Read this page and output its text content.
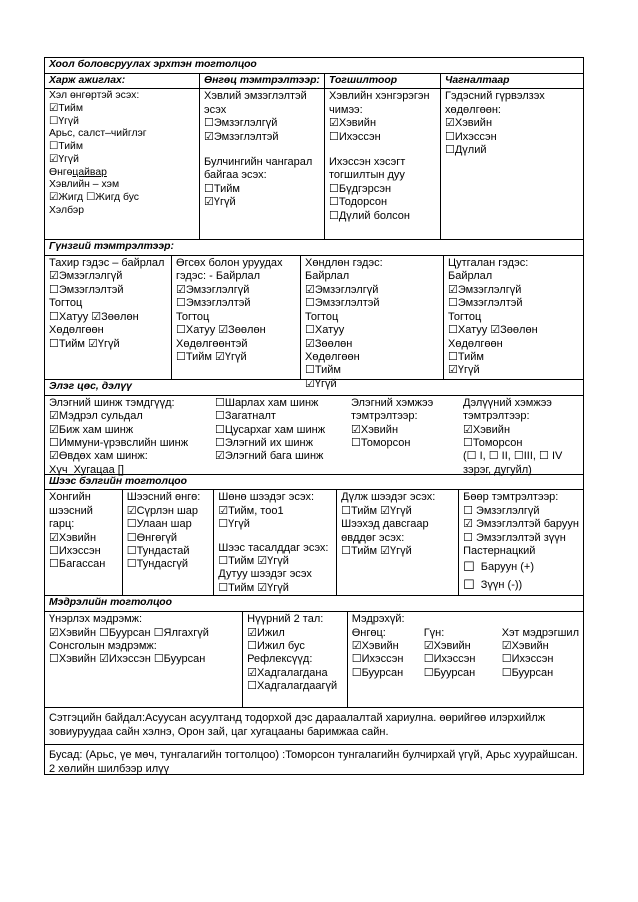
Хоол боловсруулах эрхтэн тогтолцоо
Харж ажиглах:	Өнгөц тэмтрэлтээр: Тогшилтоор	Чагналтаар
Хэл өнгөртэй эсэх:
☑Тийм
☐Үгүй
Арьс, салст–чийглэг
☐Тийм
☑Үгүй
Өнгөцайвар
Хэвлийн – хэм
☑Жигд ☐Жигд бус
Хэлбэр
Хэвлий эмзэглэлтэй
эсэх
☐Эмзэглэлгүй
☑Эмзэглэлтэй
Булчингийн чангарал
байгаа эсэх:
☐Тийм
☑Үгүй
Хэвлийн хэнгэрэгэн
чимээ:
☑Хэвийн
☐Ихэссэн
Ихэссэн хэсэгт
тогшилтын дуу
☐Бүдгэрсэн
☐Тодорсон
☐Дүлий болсон
Гэдэсний гүрвэлзэх
хөдөлгөөн:
☑Хэвийн
☐Ихэссэн
☐Дүлий
Гүнзгий тэмтрэлтээр:
Тахир гэдэс – байрлал
☑Эмзэглэлгүй
☐Эмзэглэлтэй
Тогтоц
☐Хатуу ☑Зөөлөн
Хөдөлгөөн
☐Тийм ☑Үгүй
Өгсөх болон уруудах
гэдэс: - Байрлал
☑Эмзэглэлгүй
☐Эмзэглэлтэй
Тогтоц
☐Хатуу ☑Зөөлөн
Хөдөлгөөнтэй
☐Тийм ☑Үгүй
Хөндлөн гэдэс:
Байрлал
☑Эмзэглэлгүй
☐Эмзэглэлтэй
Тогтоц
☐Хатуу
☑Зөөлөн
Хөдөлгөөн
☐Тийм
☑Үгүй
Цутгалан гэдэс:
Байрлал
☑Эмзэглэлгүй
☐Эмзэглэлтэй
Тогтоц
☐Хатуу ☑Зөөлөн
Хөдөлгөөн
☐Тийм
☑Үгүй
Элэг цөс, дэлүү
Элэгний шинж тэмдгүүд:
☑Мэдрэл сульдал
☑Биж хам шинж
☐Иммуни-үрэвслийн шинж
☑Өвдөх хам шинж:
Хүч_Хугацаа []
☐Шарлах хам шинж
☐Загатналт
☐Цусархаг хам шинж
☐Элэгний их шинж
☑Элэгний бага шинж
Элэгний хэмжээ
тэмтрэлтээр:
☑Хэвийн
☐Томорсон
Дэлүүний хэмжээ
тэмтрэлтээр:
☑Хэвийн
☐Томорсон
(☐ I, ☐ II, ☐III, ☐ IV
зэрэг, дугуйл)
Шээс бэлгийн тогтолцоо
Хонгийн
шээсний
гарц:
☑Хэвийн
☐Ихэссэн
☐Багассан
Шээсний өнгө:
☑Сүрлэн шар
☐Улаан шар
☐Өнгөгүй
☐Тундастай
☐Тундасгүй
Шөнө шээдэг эсэх:
☑Тийм, тоо1
☐Үгүй
Шээс тасалддаг эсэх:
☐Тийм ☑Үгүй
Дутуу шээдэг эсэх
☐Тийм ☑Үгүй
Дүлж шээдэг эсэх:
☐Тийм ☑Үгүй
Шээхэд давсгаар
өвддөг эсэх:
☐Тийм ☑Үгүй
Бөөр тэмтрэлтээр:
☐ Эмзэглэлгүй
☑ Эмзэглэлтэй баруун
☐ Эмзэглэлтэй зүүн
Пастернацкий
☐ Баруун (+)
☐ Зүүн (-))
Мэдрэлийн тогтолцоо
Үнэрлэх мэдрэмж:
☑Хэвийн ☐Буурсан ☐Ялгахгүй
Сонсголын мэдрэмж:
☐Хэвийн ☑Ихэссэн ☐Буурсан
Нүүрний 2 тал:
☑Ижил
☐Ижил бус
Рефлексүүд:
☑Хадгалагдана
☐Хадгалагдаагүй
Мэдрэхүй:
Өнгөц:
☑Хэвийн
☐Ихэссэн
☐Буурсан
Гүн:
☑Хэвийн
☐Ихэссэн
☐Буурсан
Хэт мэдрэгшил
☑Хэвийн
☐Ихэссэн
☐Буурсан
Сэтгэцийн байдал:Асуусан асуултанд тодорхой дэс дараалалтай хариулна. өөрийгөө илэрхийлж зовиуруудаа сайн хэлнэ, Орон зай, цаг хугацааны баримжаа сайн.
Бусад: (Арьс, үе мөч, тунгалагийн тогтолцоо) :Томорсон тунгалагийн булчирхай үгүй, Арьс хуурайшсан. 2 хөлийн шилбээр илүү
